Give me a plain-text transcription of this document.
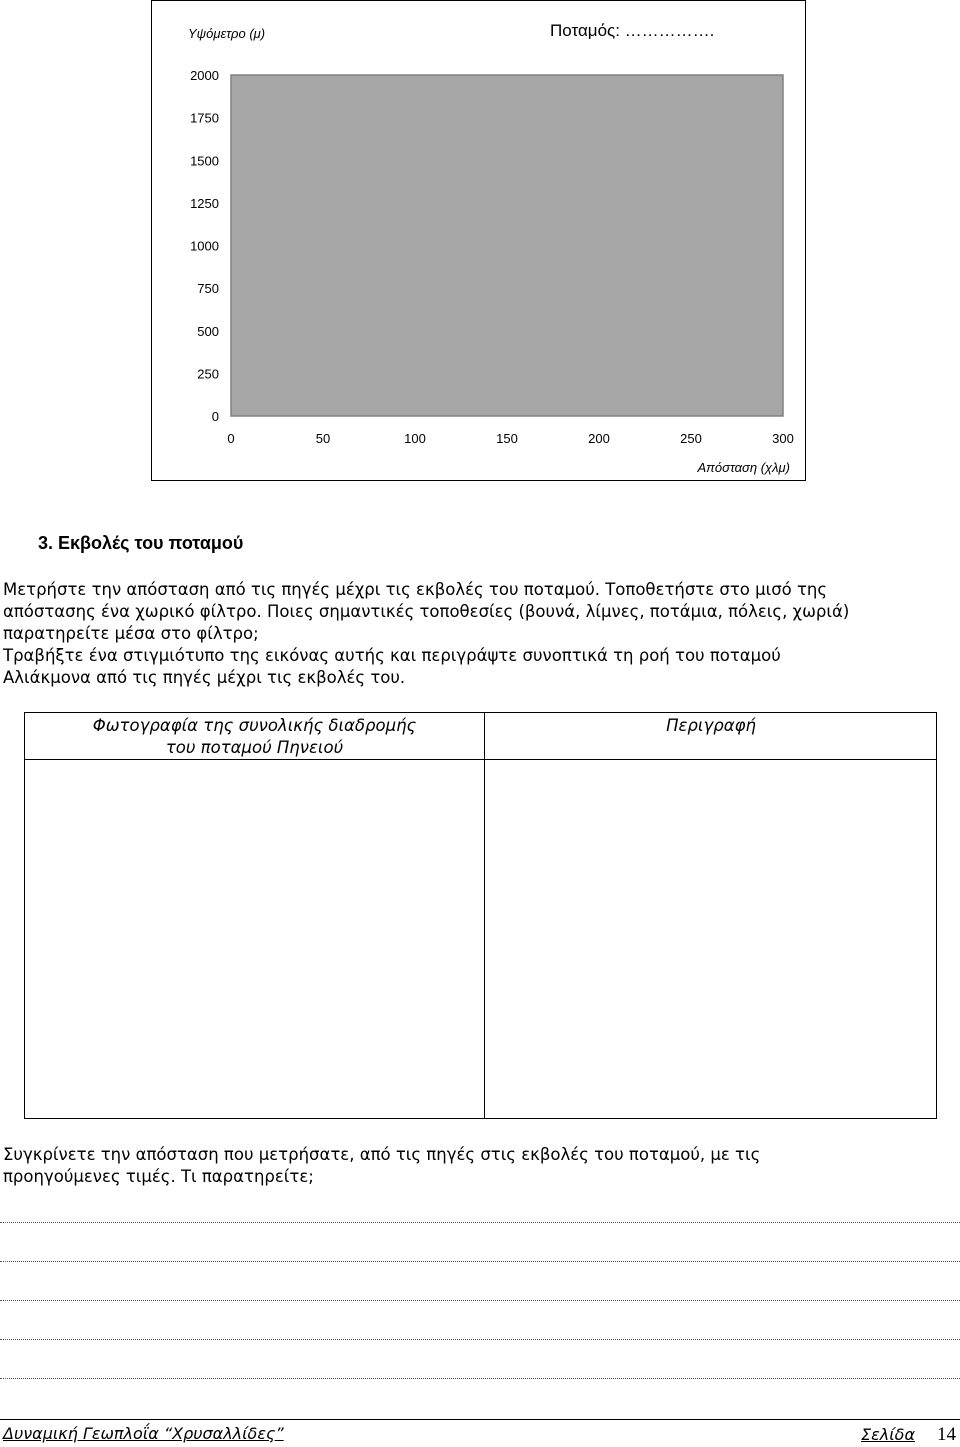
Υψόμετρο (μ)	Ποταμός: …………….
0
250
500
750
1000
1250
1500
1750
2000
0	50	100	150	200	250	300
Απόσταση (χλμ)
3. Εκβολές του ποταμού
Μετρήστε την απόσταση από τις πηγές μέχρι τις εκβολές του ποταμού. Τοποθετήστε στο μισό της
απόστασης ένα χωρικό φίλτρο. Ποιες σημαντικές τοποθεσίες (βουνά, λίμνες, ποτάμια, πόλεις, χωριά)
παρατηρείτε μέσα στο φίλτρο;
Τραβήξτε ένα στιγμιότυπο της εικόνας αυτής και περιγράψτε συνοπτικά τη ροή του ποταμού
Αλιάκμονα από τις πηγές μέχρι τις εκβολές του.
Φωτογραφία της συνολικής διαδρομής
του ποταμού Πηνειού
Περιγραφή
Συγκρίνετε την απόσταση που μετρήσατε, από τις πηγές στις εκβολές του ποταμού, με τις
προηγούμενες τιμές. Τι παρατηρείτε;
Δυναμική Γεωπλοΐα “Χρυσαλλίδες”	Σελίδα 14
